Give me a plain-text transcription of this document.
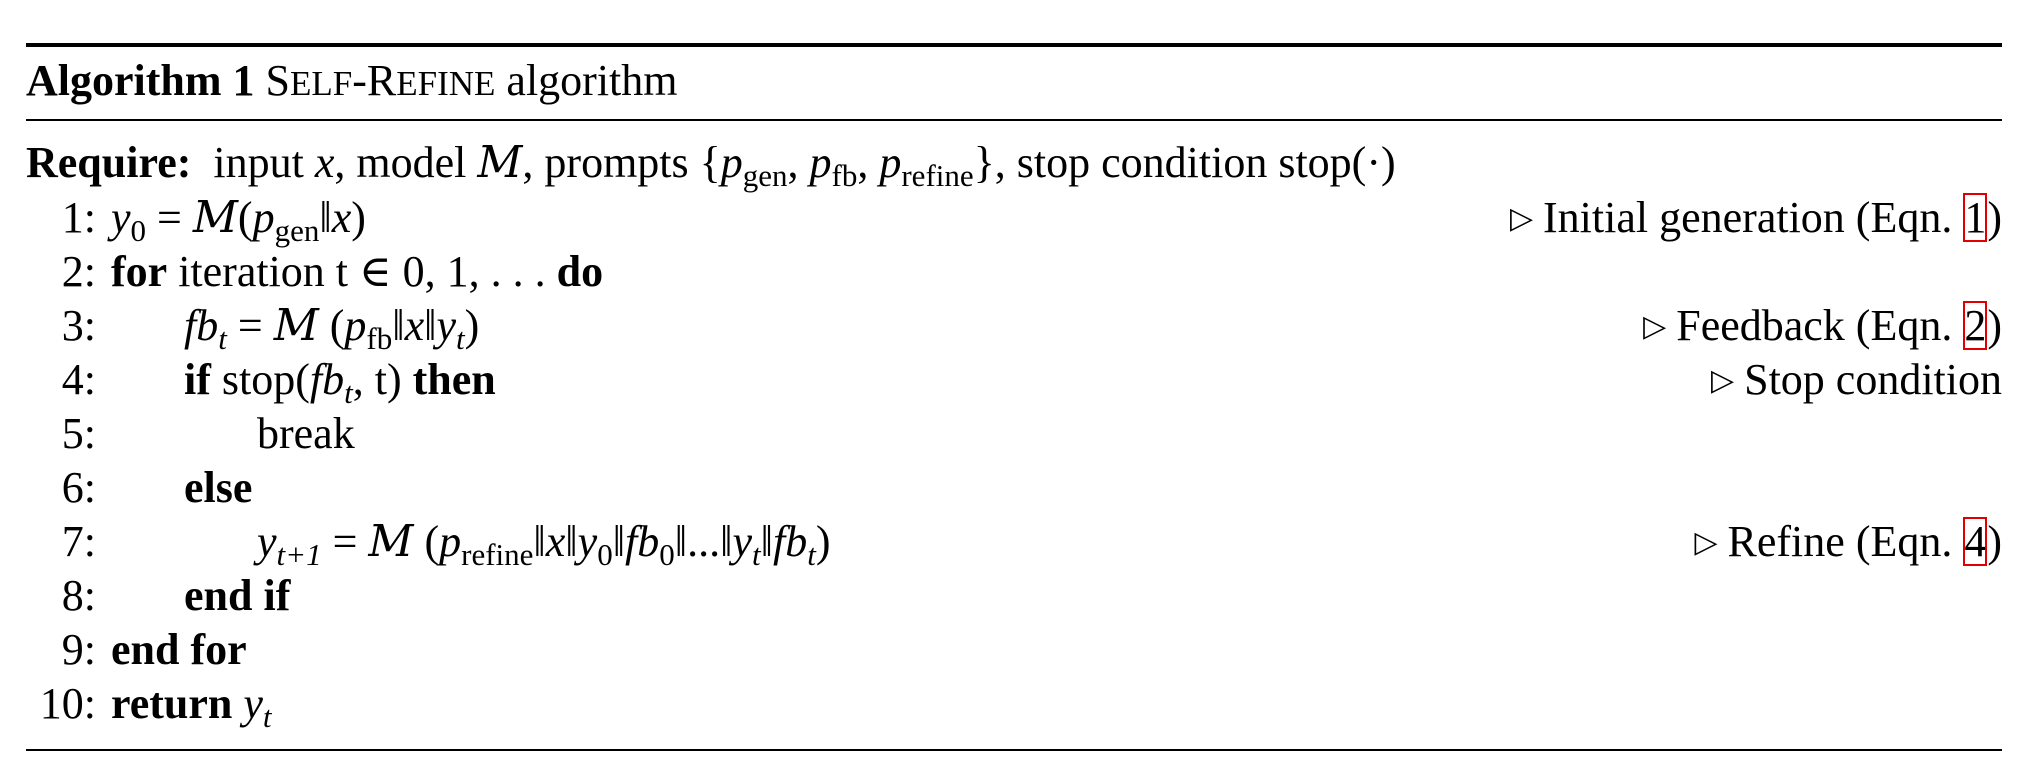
Algorithm 1 SELF-REFINE algorithm
Require: input x, model M, prompts {$p_{gen}$, $p_{fb}$, $p_{refine}$}, stop condition stop(·)
1: $y_0$ = $M(p_{gen}‖x)$	▷ Initial generation (Eqn. 1)
2: for iteration t ∈ 0, 1, . . . do
3: $fb_t = M$ $(p_{fb}‖x‖y_t)$	▷ Feedback (Eqn. 2)
4: if $stop(fb_t$, t) then	▷ Stop condition
5:	break
6: else
7:	$y_{t+1} = M$ $(p_{refine}‖x‖y_0‖fb_0‖...‖y_t‖fb_t)$	▷ Refine (Eqn. 4)
8: end if
9: end for
10: return $y_t$
